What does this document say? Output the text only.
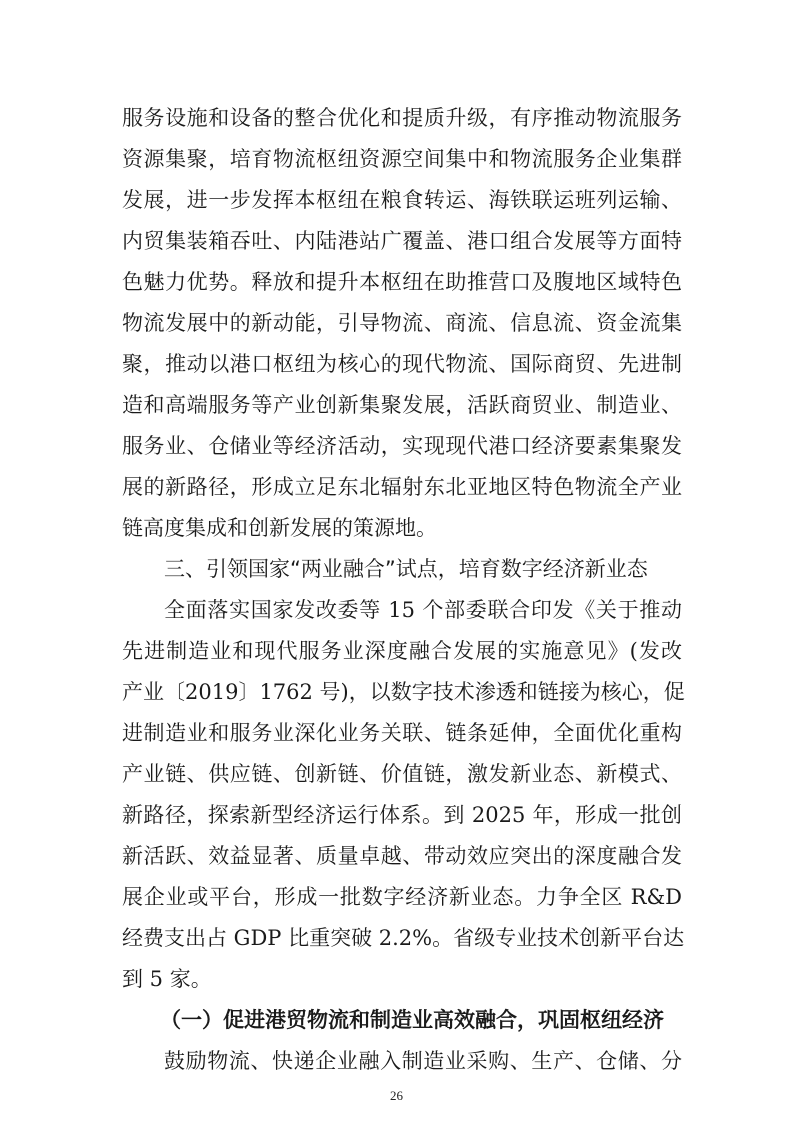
服务设施和设备的整合优化和提质升级，有序推动物流服务
资源集聚，培育物流枢纽资源空间集中和物流服务企业集群
发展，进一步发挥本枢纽在粮食转运、海铁联运班列运输、
内贸集装箱吞吐、内陆港站广覆盖、港口组合发展等方面特
色魅力优势。释放和提升本枢纽在助推营口及腹地区域特色
物流发展中的新动能，引导物流、商流、信息流、资金流集
聚，推动以港口枢纽为核心的现代物流、国际商贸、先进制
造和高端服务等产业创新集聚发展，活跃商贸业、制造业、
服务业、仓储业等经济活动，实现现代港口经济要素集聚发
展的新路径，形成立足东北辐射东北亚地区特色物流全产业
链高度集成和创新发展的策源地。
三、引领国家“两业融合”试点，培育数字经济新业态
全面落实国家发改委等 15 个部委联合印发《关于推动
先进制造业和现代服务业深度融合发展的实施意见》(发改
产业〔2019〕1762 号)，以数字技术渗透和链接为核心，促
进制造业和服务业深化业务关联、链条延伸，全面优化重构
产业链、供应链、创新链、价值链，激发新业态、新模式、
新路径，探索新型经济运行体系。到 2025 年，形成一批创
新活跃、效益显著、质量卓越、带动效应突出的深度融合发
展企业或平台，形成一批数字经济新业态。力争全区 R&D
经费支出占 GDP 比重突破 2.2%。省级专业技术创新平台达
到 5 家。
（一）促进港贸物流和制造业高效融合，巩固枢纽经济
鼓励物流、快递企业融入制造业采购、生产、仓储、分
26
